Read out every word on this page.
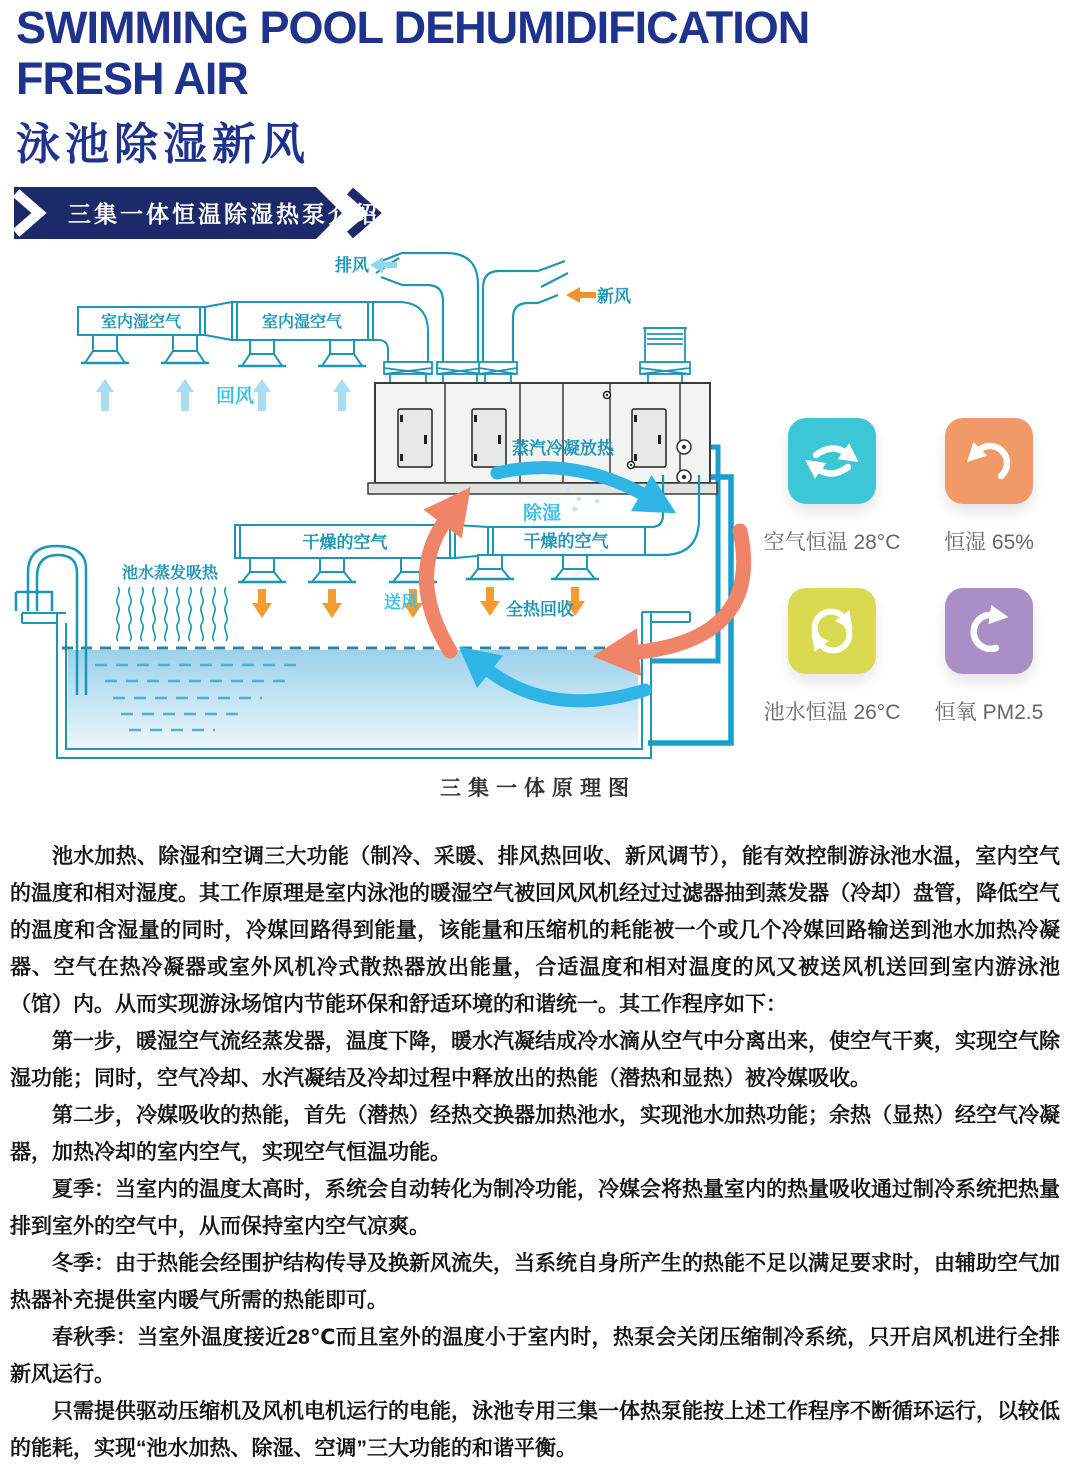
SWIMMING POOL DEHUMIDIFICATION
FRESH AIR
泳池除湿新风
三集一体恒温除湿热泵介绍
排风
新风
室内湿空气	室内湿空气
回风
蒸汽冷凝放热
除湿
干燥的空气	干燥的空气
送风	全热回收
池水蒸发吸热
空气恒温 28°C 恒湿 65%
池水恒温 26°C 恒氧 PM2.5
三集一体原理图

池水加热、除湿和空调三大功能（制冷、采暖、排风热回收、新风调节），能有效控制游泳池水温，室内空气的温度和相对湿度。其工作原理是室内泳池的暖湿空气被回风风机经过过滤器抽到蒸发器（冷却）盘管，降低空气的温度和含湿量的同时，冷媒回路得到能量，该能量和压缩机的耗能被一个或几个冷媒回路输送到池水加热冷凝器、空气在热冷凝器或室外风机冷式散热器放出能量，合适温度和相对温度的风又被送风机送回到室内游泳池（馆）内。从而实现游泳场馆内节能环保和舒适环境的和谐统一。其工作程序如下：

第一步，暖湿空气流经蒸发器，温度下降，暖水汽凝结成冷水滴从空气中分离出来，使空气干爽，实现空气除湿功能；同时，空气冷却、水汽凝结及冷却过程中释放出的热能（潜热和显热）被冷媒吸收。

第二步，冷媒吸收的热能，首先（潜热）经热交换器加热池水，实现池水加热功能；余热（显热）经空气冷凝器，加热冷却的室内空气，实现空气恒温功能。

夏季：当室内的温度太高时，系统会自动转化为制冷功能，冷媒会将热量室内的热量吸收通过制冷系统把热量排到室外的空气中，从而保持室内空气凉爽。

冬季：由于热能会经围护结构传导及换新风流失，当系统自身所产生的热能不足以满足要求时，由辅助空气加热器补充提供室内暖气所需的热能即可。

春秋季：当室外温度接近28℃而且室外的温度小于室内时，热泵会关闭压缩制冷系统，只开启风机进行全排新风运行。

只需提供驱动压缩机及风机电机运行的电能，泳池专用三集一体热泵能按上述工作程序不断循环运行，以较低的能耗，实现“池水加热、除湿、空调”三大功能的和谐平衡。
